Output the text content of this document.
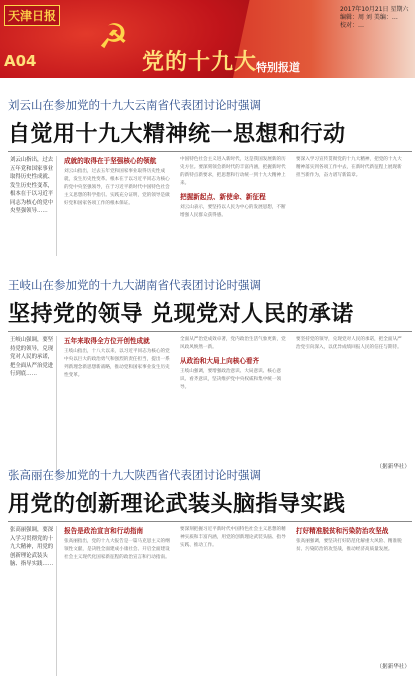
☭
天津日报
A04	党的十九大
特别报道
2017年10月21日 星期六
编辑：周 刘 美编：…
校对：…
刘云山在参加党的十九大云南省代表团讨论时强调
自觉用十九大精神统一思想和行动
刘云山指出，过去五年党和国家事业取得历史性成就、发生历史性变革，根本在于以习近平同志为核心的党中央坚强领导……
成就的取得在于坚强核心的领航
刘云山指出，过去五年党和国家事业取得历史性成就，发生历史性变革。根本在于以习近平同志为核心的党中央坚强领导，在于习近平新时代中国特色社会主义思想的科学指引。实践充分证明，党的领导是做好党和国家各项工作的根本保证。
中国特色社会主义进入新时代，这是我国发展新的历史方位。要深刻领会新时代的丰富内涵，把握新时代的新特点新要求，把思想和行动统一到十九大精神上来。
把握新起点、新使命、新征程
刘云山表示，要坚持以人民为中心的发展思想，不断增强人民群众获得感。
要深入学习宣传贯彻党的十九大精神，把党的十九大精神落实到各项工作中去，在新时代新征程上展现新担当新作为，奋力谱写新篇章。
王岐山在参加党的十九大湖南省代表团讨论时强调
坚持党的领导 兑现党对人民的承诺
王岐山强调，要坚持党的领导，兑现党对人民的承诺，把全面从严治党进行到底……
五年来取得全方位开创性成就
王岐山指出，十八大以来，以习近平同志为核心的党中央以巨大的政治勇气和强烈的责任担当，提出一系列新理念新思想新战略，推动党和国家事业发生历史性变革。
全面从严治党成效卓著，党内政治生活气象更新，党风政风焕然一新。
从政治和大局上向核心看齐
王岐山强调，要增强政治意识、大局意识、核心意识、看齐意识，坚决维护党中央权威和集中统一领导。
要坚持党的领导，兑现党对人民的承诺，把全面从严治党引向深入，以优异成绩回报人民的信任与期待。
（据新华社）
张高丽在参加党的十九大陕西省代表团讨论时强调
用党的创新理论武装头脑指导实践
张高丽强调，要深入学习贯彻党的十九大精神，用党的创新理论武装头脑、指导实践……
报告是政治宣言和行动指南
张高丽指出，党的十九大报告是一篇马克思主义的纲领性文献，是决胜全面建成小康社会、开启全面建设社会主义现代化国家新征程的政治宣言和行动指南。
要深刻把握习近平新时代中国特色社会主义思想的精神实质和丰富内涵，用党的创新理论武装头脑、指导实践、推动工作。
打好精准脱贫和污染防治攻坚战
张高丽强调，要坚决打好防范化解重大风险、精准脱贫、污染防治的攻坚战，推动经济高质量发展。
（据新华社）
